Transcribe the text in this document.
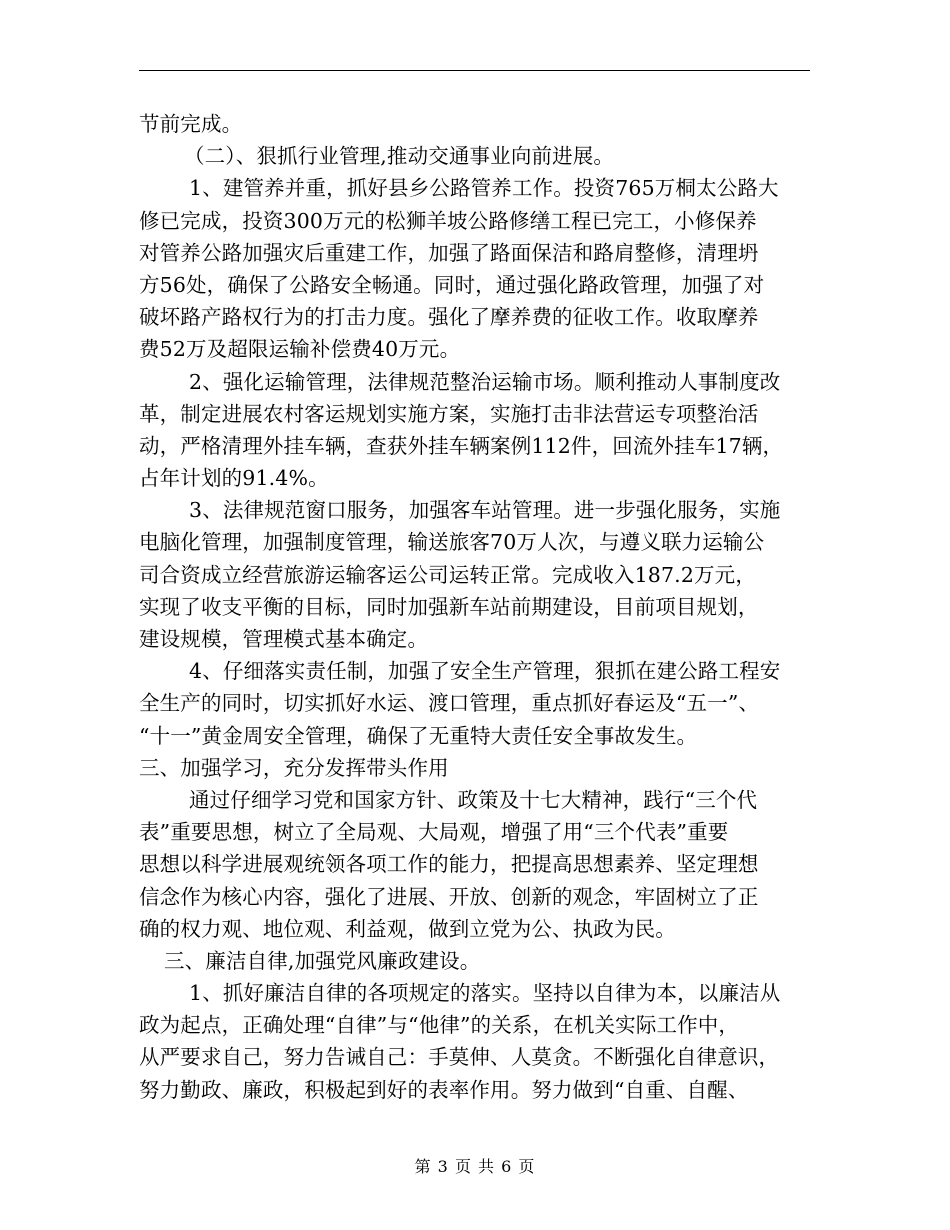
节前完成。
（二）、狠抓行业管理,推动交通事业向前进展。
1、建管养并重，抓好县乡公路管养工作。投资765万桐太公路大
修已完成，投资300万元的松狮羊坡公路修缮工程已完工，小修保养
对管养公路加强灾后重建工作，加强了路面保洁和路肩整修，清理坍
方56处，确保了公路安全畅通。同时，通过强化路政管理，加强了对
破坏路产路权行为的打击力度。强化了摩养费的征收工作。收取摩养
费52万及超限运输补偿费40万元。
2、强化运输管理，法律规范整治运输市场。顺利推动人事制度改
革，制定进展农村客运规划实施方案，实施打击非法营运专项整治活
动，严格清理外挂车辆，查获外挂车辆案例112件，回流外挂车17辆，
占年计划的91.4%。
3、法律规范窗口服务，加强客车站管理。进一步强化服务，实施
电脑化管理，加强制度管理，输送旅客70万人次，与遵义联力运输公
司合资成立经营旅游运输客运公司运转正常。完成收入187.2万元，
实现了收支平衡的目标，同时加强新车站前期建设，目前项目规划，
建设规模，管理模式基本确定。
4、仔细落实责任制，加强了安全生产管理，狠抓在建公路工程安
全生产的同时，切实抓好水运、渡口管理，重点抓好春运及“五一”、
“十一”黄金周安全管理，确保了无重特大责任安全事故发生。
三、加强学习，充分发挥带头作用
通过仔细学习党和国家方针、政策及十七大精神，践行“三个代
表”重要思想，树立了全局观、大局观，增强了用“三个代表”重要
思想以科学进展观统领各项工作的能力，把提高思想素养、坚定理想
信念作为核心内容，强化了进展、开放、创新的观念，牢固树立了正
确的权力观、地位观、利益观，做到立党为公、执政为民。
三、廉洁自律,加强党风廉政建设。
1、抓好廉洁自律的各项规定的落实。坚持以自律为本，以廉洁从
政为起点，正确处理“自律”与“他律”的关系，在机关实际工作中，
从严要求自己，努力告诫自己：手莫伸、人莫贪。不断强化自律意识，
努力勤政、廉政，积极起到好的表率作用。努力做到“自重、自醒、
第 3 页 共 6 页
